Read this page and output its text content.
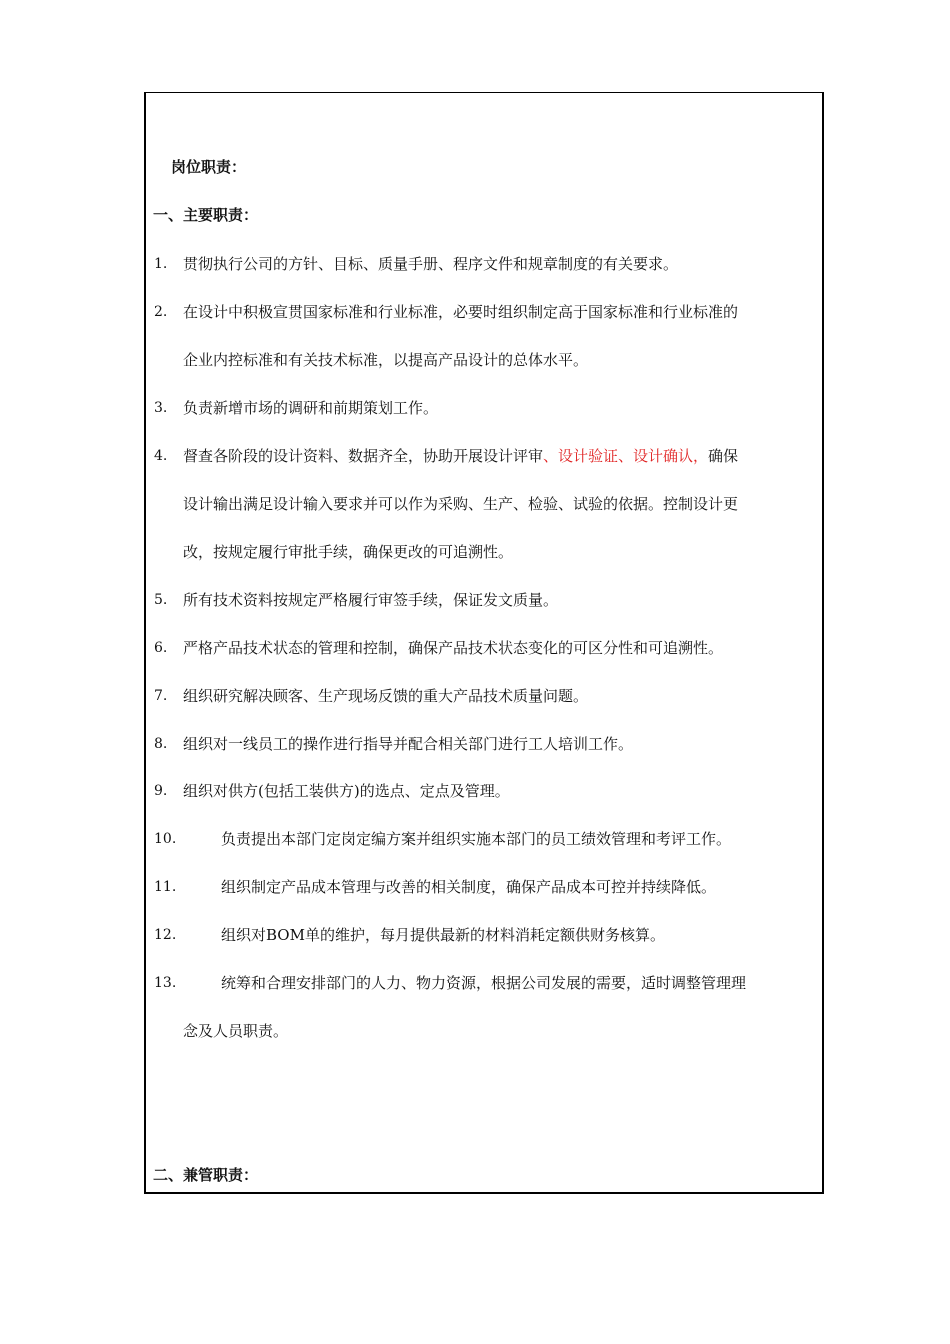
岗位职责：
一、主要职责：
1. 贯彻执行公司的方针、目标、质量手册、程序文件和规章制度的有关要求。
2. 在设计中积极宣贯国家标准和行业标准，必要时组织制定高于国家标准和行业标准的
企业内控标准和有关技术标准，以提高产品设计的总体水平。
3. 负责新增市场的调研和前期策划工作。
4. 督查各阶段的设计资料、数据齐全，协助开展设计评审、设计验证、设计确认，确保
设计输出满足设计输入要求并可以作为采购、生产、检验、试验的依据。控制设计更
改，按规定履行审批手续，确保更改的可追溯性。
5. 所有技术资料按规定严格履行审签手续，保证发文质量。
6. 严格产品技术状态的管理和控制，确保产品技术状态变化的可区分性和可追溯性。
7. 组织研究解决顾客、生产现场反馈的重大产品技术质量问题。
8. 组织对一线员工的操作进行指导并配合相关部门进行工人培训工作。
9. 组织对供方(包括工装供方)的选点、定点及管理。
10.	负责提出本部门定岗定编方案并组织实施本部门的员工绩效管理和考评工作。
11.	组织制定产品成本管理与改善的相关制度，确保产品成本可控并持续降低。
12.	组织对BOM单的维护，每月提供最新的材料消耗定额供财务核算。
13.	统筹和合理安排部门的人力、物力资源，根据公司发展的需要，适时调整管理理
念及人员职责。
二、兼管职责：
